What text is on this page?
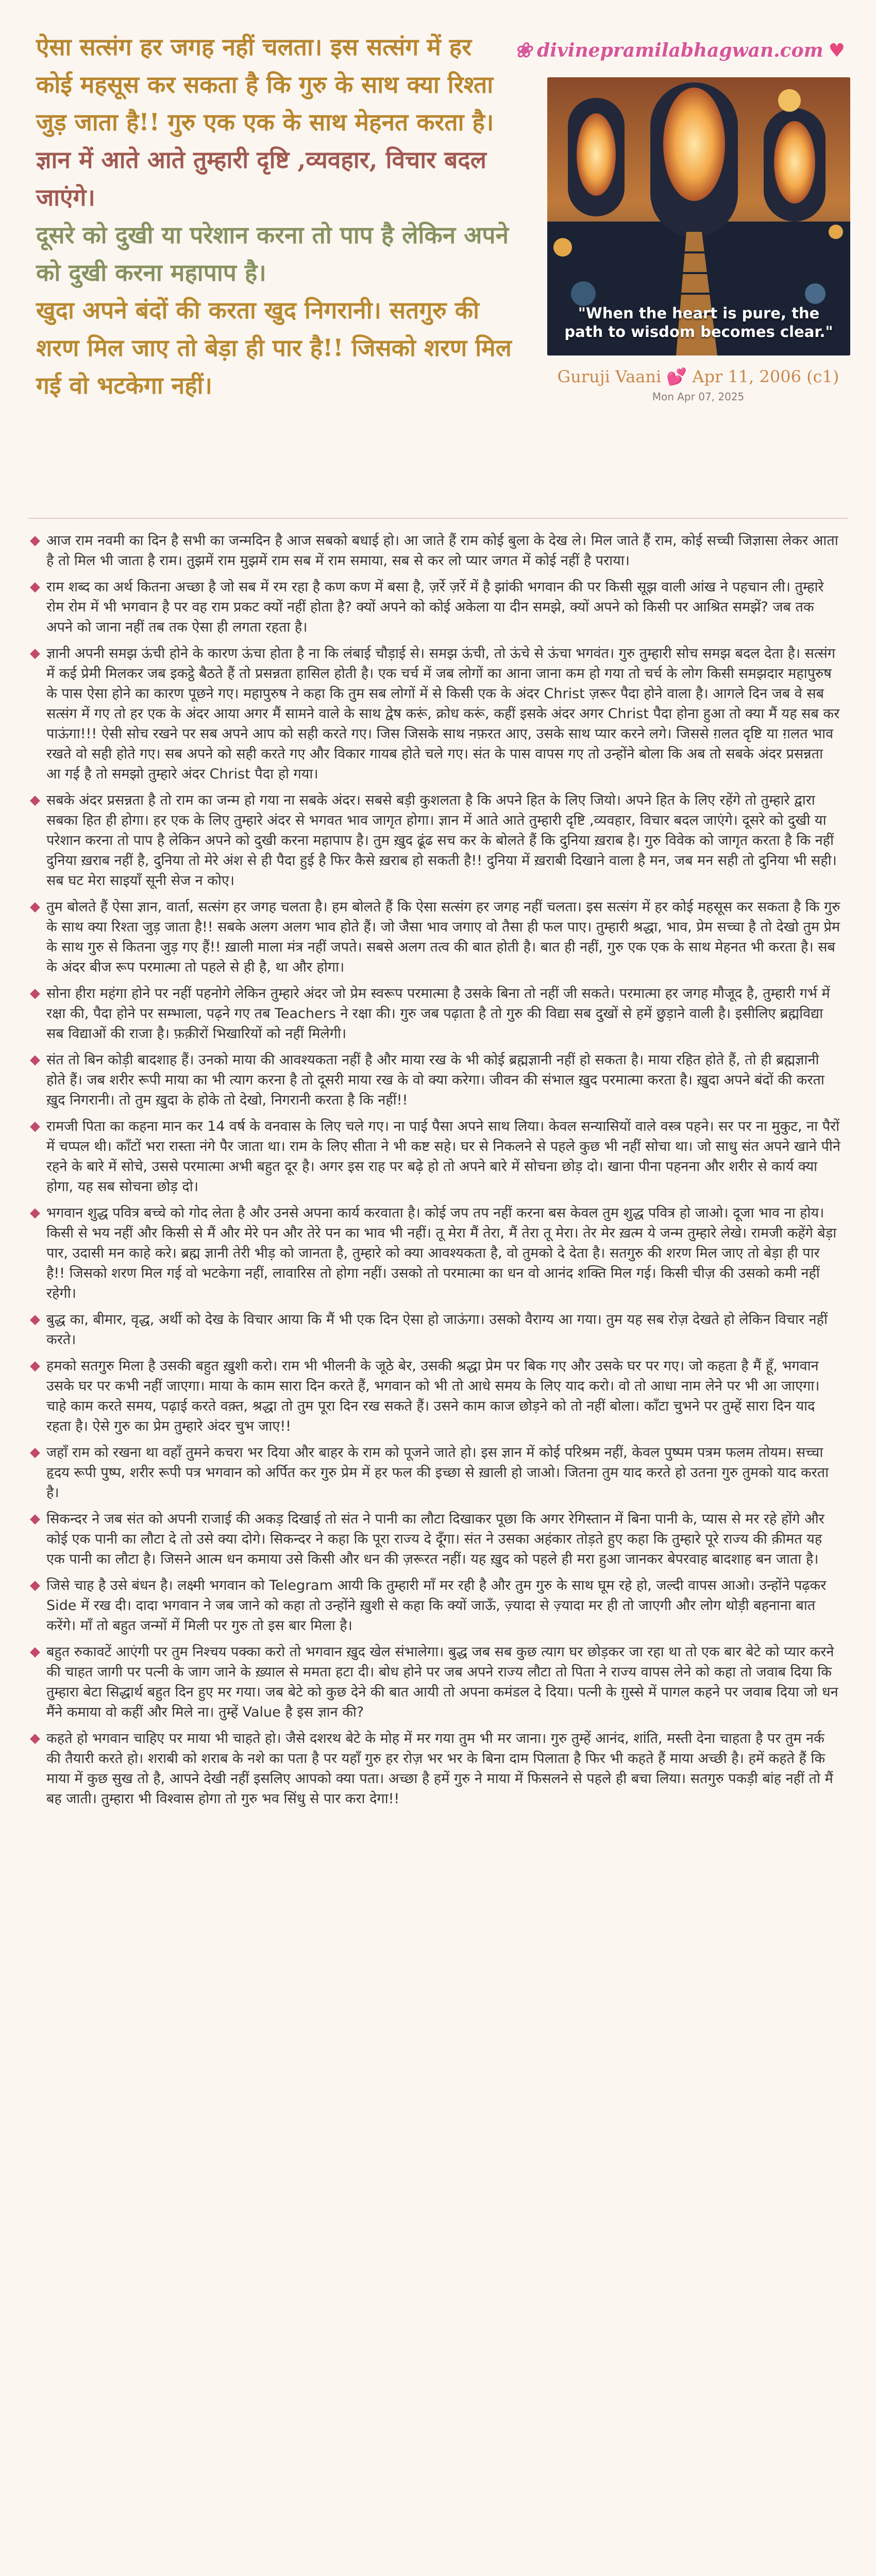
ऐसा सत्संग हर जगह नहीं चलता। इस सत्संग में हर कोई महसूस कर सकता है कि गुरु के साथ क्या रिश्ता जुड़ जाता है!! गुरु एक एक के साथ मेहनत करता है।

ज्ञान में आते आते तुम्हारी दृष्टि ,व्यवहार, विचार बदल जाएंगे।

दूसरे को दुखी या परेशान करना तो पाप है लेकिन अपने को दुखी करना महापाप है।

खुदा अपने बंदों की करता खुद निगरानी। सतगुरु की शरण मिल जाए तो बेड़ा ही पार है!! जिसको शरण मिल गई वो भटकेगा नहीं।

❀ divinepramilabhagwan.com ♥
"When the heart is pure, the path to wisdom becomes clear."
Guruji Vaani 💕 Apr 11, 2006 (c1)
Mon Apr 07, 2025
◆ आज राम नवमी का दिन है सभी का जन्मदिन है आज सबको बधाई हो। आ जाते हैं राम कोई बुला के देख ले। मिल जाते हैं राम, कोई सच्ची जिज्ञासा लेकर आता है तो मिल भी जाता है राम। तुझमें राम मुझमें राम सब में राम समाया, सब से कर लो प्यार जगत में कोई नहीं है पराया।
◆ राम शब्द का अर्थ कितना अच्छा है जो सब में रम रहा है कण कण में बसा है, ज़र्रे ज़र्रे में है झांकी भगवान की पर किसी सूझ वाली आंख ने पहचान ली। तुम्हारे रोम रोम में भी भगवान है पर वह राम प्रकट क्यों नहीं होता है? क्यों अपने को कोई अकेला या दीन समझे, क्यों अपने को किसी पर आश्रित समझें? जब तक अपने को जाना नहीं तब तक ऐसा ही लगता रहता है।
◆ ज्ञानी अपनी समझ ऊंची होने के कारण ऊंचा होता है ना कि लंबाई चौड़ाई से। समझ ऊंची, तो ऊंचे से ऊंचा भगवंत। गुरु तुम्हारी सोच समझ बदल देता है। सत्संग में कई प्रेमी मिलकर जब इकट्ठे बैठते हैं तो प्रसन्नता हासिल होती है। एक चर्च में जब लोगों का आना जाना कम हो गया तो चर्च के लोग किसी समझदार महापुरुष के पास ऐसा होने का कारण पूछने गए। महापुरुष ने कहा कि तुम सब लोगों में से किसी एक के अंदर Christ ज़रूर पैदा होने वाला है। आगले दिन जब वे सब सत्संग में गए तो हर एक के अंदर आया अगर मैं सामने वाले के साथ द्वेष करूं, क्रोध करूं, कहीं इसके अंदर अगर Christ पैदा होना हुआ तो क्या मैं यह सब कर पाऊंगा!!! ऐसी सोच रखने पर सब अपने आप को सही करते गए। जिस जिसके साथ नफ़रत आए, उसके साथ प्यार करने लगे। जिससे ग़लत दृष्टि या ग़लत भाव रखते वो सही होते गए। सब अपने को सही करते गए और विकार गायब होते चले गए। संत के पास वापस गए तो उन्होंने बोला कि अब तो सबके अंदर प्रसन्नता आ गई है तो समझो तुम्हारे अंदर Christ पैदा हो गया।
◆ सबके अंदर प्रसन्नता है तो राम का जन्म हो गया ना सबके अंदर। सबसे बड़ी कुशलता है कि अपने हित के लिए जियो। अपने हित के लिए रहेंगे तो तुम्हारे द्वारा सबका हित ही होगा। हर एक के लिए तुम्हारे अंदर से भगवत भाव जागृत होगा। ज्ञान में आते आते तुम्हारी दृष्टि ,व्यवहार, विचार बदल जाएंगे। दूसरे को दुखी या परेशान करना तो पाप है लेकिन अपने को दुखी करना महापाप है। तुम ख़ुद ढूंढ सच कर के बोलते हैं कि दुनिया ख़राब है। गुरु विवेक को जागृत करता है कि नहीं दुनिया ख़राब नहीं है, दुनिया तो मेरे अंश से ही पैदा हुई है फिर कैसे ख़राब हो सकती है!! दुनिया में ख़राबी दिखाने वाला है मन, जब मन सही तो दुनिया भी सही। सब घट मेरा साइयाँ सूनी सेज न कोए।
◆ तुम बोलते हैं ऐसा ज्ञान, वार्ता, सत्संग हर जगह चलता है। हम बोलते हैं कि ऐसा सत्संग हर जगह नहीं चलता। इस सत्संग में हर कोई महसूस कर सकता है कि गुरु के साथ क्या रिश्ता जुड़ जाता है!! सबके अलग अलग भाव होते हैं। जो जैसा भाव जगाए वो तैसा ही फल पाए। तुम्हारी श्रद्धा, भाव, प्रेम सच्चा है तो देखो तुम प्रेम के साथ गुरु से कितना जुड़ गए हैं!! ख़ाली माला मंत्र नहीं जपते। सबसे अलग तत्व की बात होती है। बात ही नहीं, गुरु एक एक के साथ मेहनत भी करता है। सब के अंदर बीज रूप परमात्मा तो पहले से ही है, था और होगा।
◆ सोना हीरा महंगा होने पर नहीं पहनोगे लेकिन तुम्हारे अंदर जो प्रेम स्वरूप परमात्मा है उसके बिना तो नहीं जी सकते। परमात्मा हर जगह मौजूद है, तुम्हारी गर्भ में रक्षा की, पैदा होने पर सम्भाला, पढ़ने गए तब Teachers ने रक्षा की। गुरु जब पढ़ाता है तो गुरु की विद्या सब दुखों से हमें छुड़ाने वाली है। इसीलिए ब्रह्मविद्या सब विद्याओं की राजा है। फ़क़ीरों भिखारियों को नहीं मिलेगी।
◆ संत तो बिन कोड़ी बादशाह हैं। उनको माया की आवश्यकता नहीं है और माया रख के भी कोई ब्रह्मज्ञानी नहीं हो सकता है। माया रहित होते हैं, तो ही ब्रह्मज्ञानी होते हैं। जब शरीर रूपी माया का भी त्याग करना है तो दूसरी माया रख के वो क्या करेगा। जीवन की संभाल ख़ुद परमात्मा करता है। ख़ुदा अपने बंदों की करता ख़ुद निगरानी। तो तुम ख़ुदा के होके तो देखो, निगरानी करता है कि नहीं!!
◆ रामजी पिता का कहना मान कर 14 वर्ष के वनवास के लिए चले गए। ना पाई पैसा अपने साथ लिया। केवल सन्यासियों वाले वस्त्र पहने। सर पर ना मुकुट, ना पैरों में चप्पल थी। काँटों भरा रास्ता नंगे पैर जाता था। राम के लिए सीता ने भी कष्ट सहे। घर से निकलने से पहले कुछ भी नहीं सोचा था। जो साधु संत अपने खाने पीने रहने के बारे में सोचे, उससे परमात्मा अभी बहुत दूर है। अगर इस राह पर बढ़े हो तो अपने बारे में सोचना छोड़ दो। खाना पीना पहनना और शरीर से कार्य क्या होगा, यह सब सोचना छोड़ दो।
◆ भगवान शुद्ध पवित्र बच्चे को गोद लेता है और उनसे अपना कार्य करवाता है। कोई जप तप नहीं करना बस केवल तुम शुद्ध पवित्र हो जाओ। दूजा भाव ना होय। किसी से भय नहीं और किसी से मैं और मेरे पन और तेरे पन का भाव भी नहीं। तू मेरा मैं तेरा, मैं तेरा तू मेरा। तेर मेर ख़त्म ये जन्म तुम्हारे लेखे। रामजी कहेंगे बेड़ा पार, उदासी मन काहे करे। ब्रह्म ज्ञानी तेरी भीड़ को जानता है, तुम्हारे को क्या आवश्यकता है, वो तुमको दे देता है। सतगुरु की शरण मिल जाए तो बेड़ा ही पार है!! जिसको शरण मिल गई वो भटकेगा नहीं, लावारिस तो होगा नहीं। उसको तो परमात्मा का धन वो आनंद शक्ति मिल गई। किसी चीज़ की उसको कमी नहीं रहेगी।
◆ बुद्ध का, बीमार, वृद्ध, अर्थी को देख के विचार आया कि मैं भी एक दिन ऐसा हो जाऊंगा। उसको वैराग्य आ गया। तुम यह सब रोज़ देखते हो लेकिन विचार नहीं करते।
◆ हमको सतगुरु मिला है उसकी बहुत ख़ुशी करो। राम भी भीलनी के जूठे बेर, उसकी श्रद्धा प्रेम पर बिक गए और उसके घर पर गए। जो कहता है मैं हूँ, भगवान उसके घर पर कभी नहीं जाएगा। माया के काम सारा दिन करते हैं, भगवान को भी तो आधे समय के लिए याद करो। वो तो आधा नाम लेने पर भी आ जाएगा। चाहे काम करते समय, पढ़ाई करते वक़्त, श्रद्धा तो तुम पूरा दिन रख सकते हैं। उसने काम काज छोड़ने को तो नहीं बोला। काँटा चुभने पर तुम्हें सारा दिन याद रहता है। ऐसे गुरु का प्रेम तुम्हारे अंदर चुभ जाए!!
◆ जहाँ राम को रखना था वहाँ तुमने कचरा भर दिया और बाहर के राम को पूजने जाते हो। इस ज्ञान में कोई परिश्रम नहीं, केवल पुष्पम पत्रम फलम तोयम। सच्चा हृदय रूपी पुष्प, शरीर रूपी पत्र भगवान को अर्पित कर गुरु प्रेम में हर फल की इच्छा से ख़ाली हो जाओ। जितना तुम याद करते हो उतना गुरु तुमको याद करता है।
◆ सिकन्दर ने जब संत को अपनी राजाई की अकड़ दिखाई तो संत ने पानी का लौटा दिखाकर पूछा कि अगर रेगिस्तान में बिना पानी के, प्यास से मर रहे होंगे और कोई एक पानी का लौटा दे तो उसे क्या दोगे। सिकन्दर ने कहा कि पूरा राज्य दे दूँगा। संत ने उसका अहंकार तोड़ते हुए कहा कि तुम्हारे पूरे राज्य की क़ीमत यह एक पानी का लौटा है। जिसने आत्म धन कमाया उसे किसी और धन की ज़रूरत नहीं। यह ख़ुद को पहले ही मरा हुआ जानकर बेपरवाह बादशाह बन जाता है।
◆ जिसे चाह है उसे बंधन है। लक्ष्मी भगवान को Telegram आयी कि तुम्हारी माँ मर रही है और तुम गुरु के साथ घूम रहे हो, जल्दी वापस आओ। उन्होंने पढ़कर Side में रख दी। दादा भगवान ने जब जाने को कहा तो उन्होंने ख़ुशी से कहा कि क्यों जाऊँ, ज़्यादा से ज़्यादा मर ही तो जाएगी और लोग थोड़ी बहनाना बात करेंगे। माँ तो बहुत जन्मों में मिली पर गुरु तो इस बार मिला है।
◆ बहुत रुकावटें आएंगी पर तुम निश्चय पक्का करो तो भगवान ख़ुद खेल संभालेगा। बुद्ध जब सब कुछ त्याग घर छोड़कर जा रहा था तो एक बार बेटे को प्यार करने की चाहत जागी पर पत्नी के जाग जाने के ख़्याल से ममता हटा दी। बोध होने पर जब अपने राज्य लौटा तो पिता ने राज्य वापस लेने को कहा तो जवाब दिया कि तुम्हारा बेटा सिद्धार्थ बहुत दिन हुए मर गया। जब बेटे को कुछ देने की बात आयी तो अपना कमंडल दे दिया। पत्नी के ग़ुस्से में पागल कहने पर जवाब दिया जो धन मैंने कमाया वो कहीं और मिले ना। तुम्हें Value है इस ज्ञान की?
◆ कहते हो भगवान चाहिए पर माया भी चाहते हो। जैसे दशरथ बेटे के मोह में मर गया तुम भी मर जाना। गुरु तुम्हें आनंद, शांति, मस्ती देना चाहता है पर तुम नर्क की तैयारी करते हो। शराबी को शराब के नशे का पता है पर यहाँ गुरु हर रोज़ भर भर के बिना दाम पिलाता है फिर भी कहते हैं माया अच्छी है। हमें कहते हैं कि माया में कुछ सुख तो है, आपने देखी नहीं इसलिए आपको क्या पता। अच्छा है हमें गुरु ने माया में फिसलने से पहले ही बचा लिया। सतगुरु पकड़ी बांह नहीं तो मैं बह जाती। तुम्हारा भी विश्वास होगा तो गुरु भव सिंधु से पार करा देगा!!
